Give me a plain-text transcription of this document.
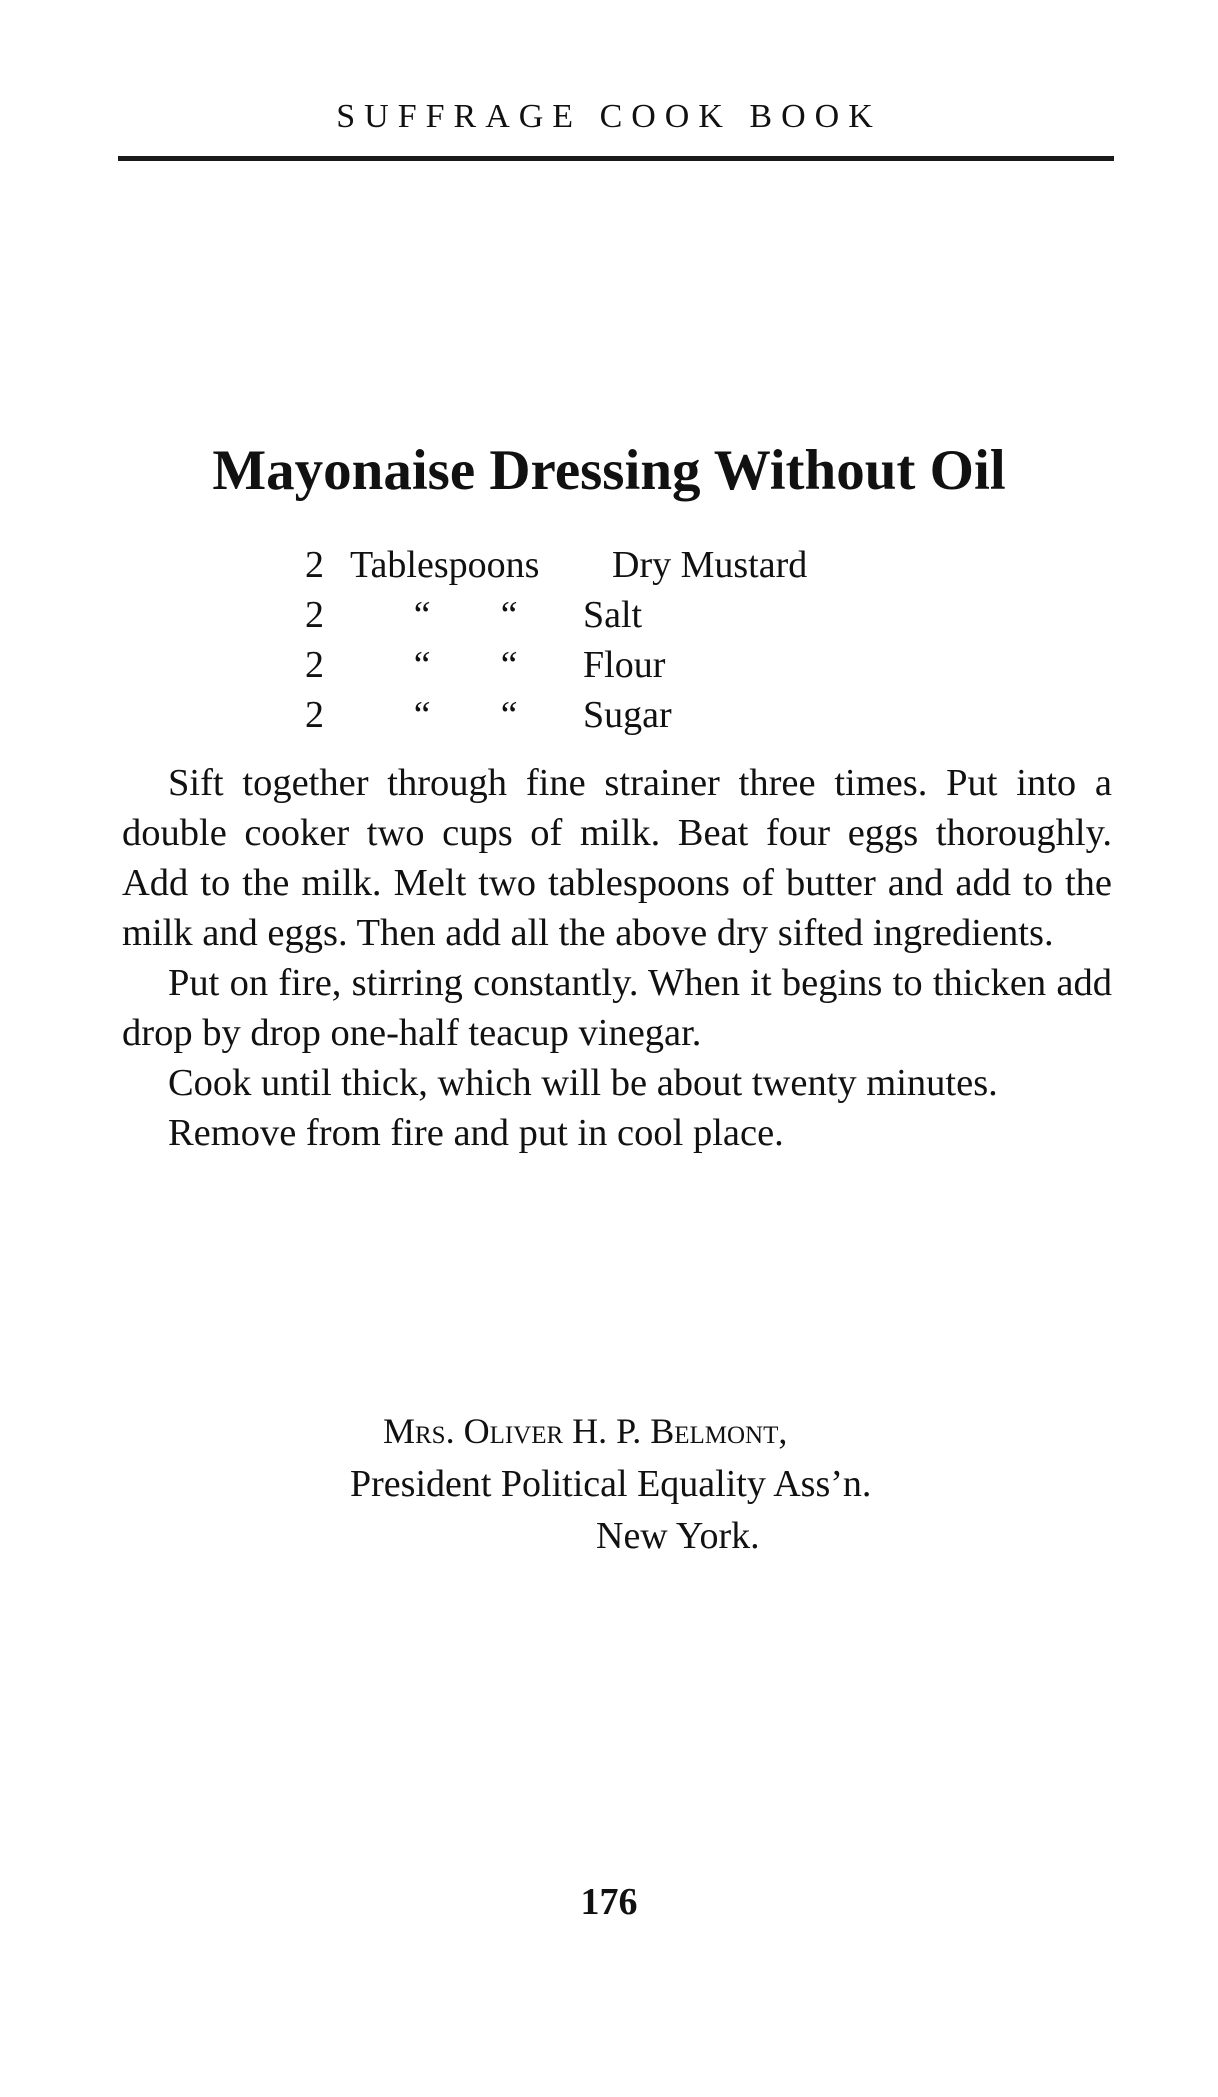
SUFFRAGE COOK BOOK
Mayonaise Dressing Without Oil
2 Tablespoons	Dry Mustard
2	“	“	Salt
2	“	“	Flour
2	“	“	Sugar

Sift together through fine strainer three times. Put into a double cooker two cups of milk. Beat four eggs thoroughly. Add to the milk. Melt two tablespoons of butter and add to the milk and eggs. Then add all the above dry sifted ingredients.

Put on fire, stirring constantly. When it begins to thicken add drop by drop one-half teacup vinegar.

Cook until thick, which will be about twenty minutes.

Remove from fire and put in cool place.

Mrs. Oliver H. P. Belmont,
President Political Equality Ass’n.
New York.
176
